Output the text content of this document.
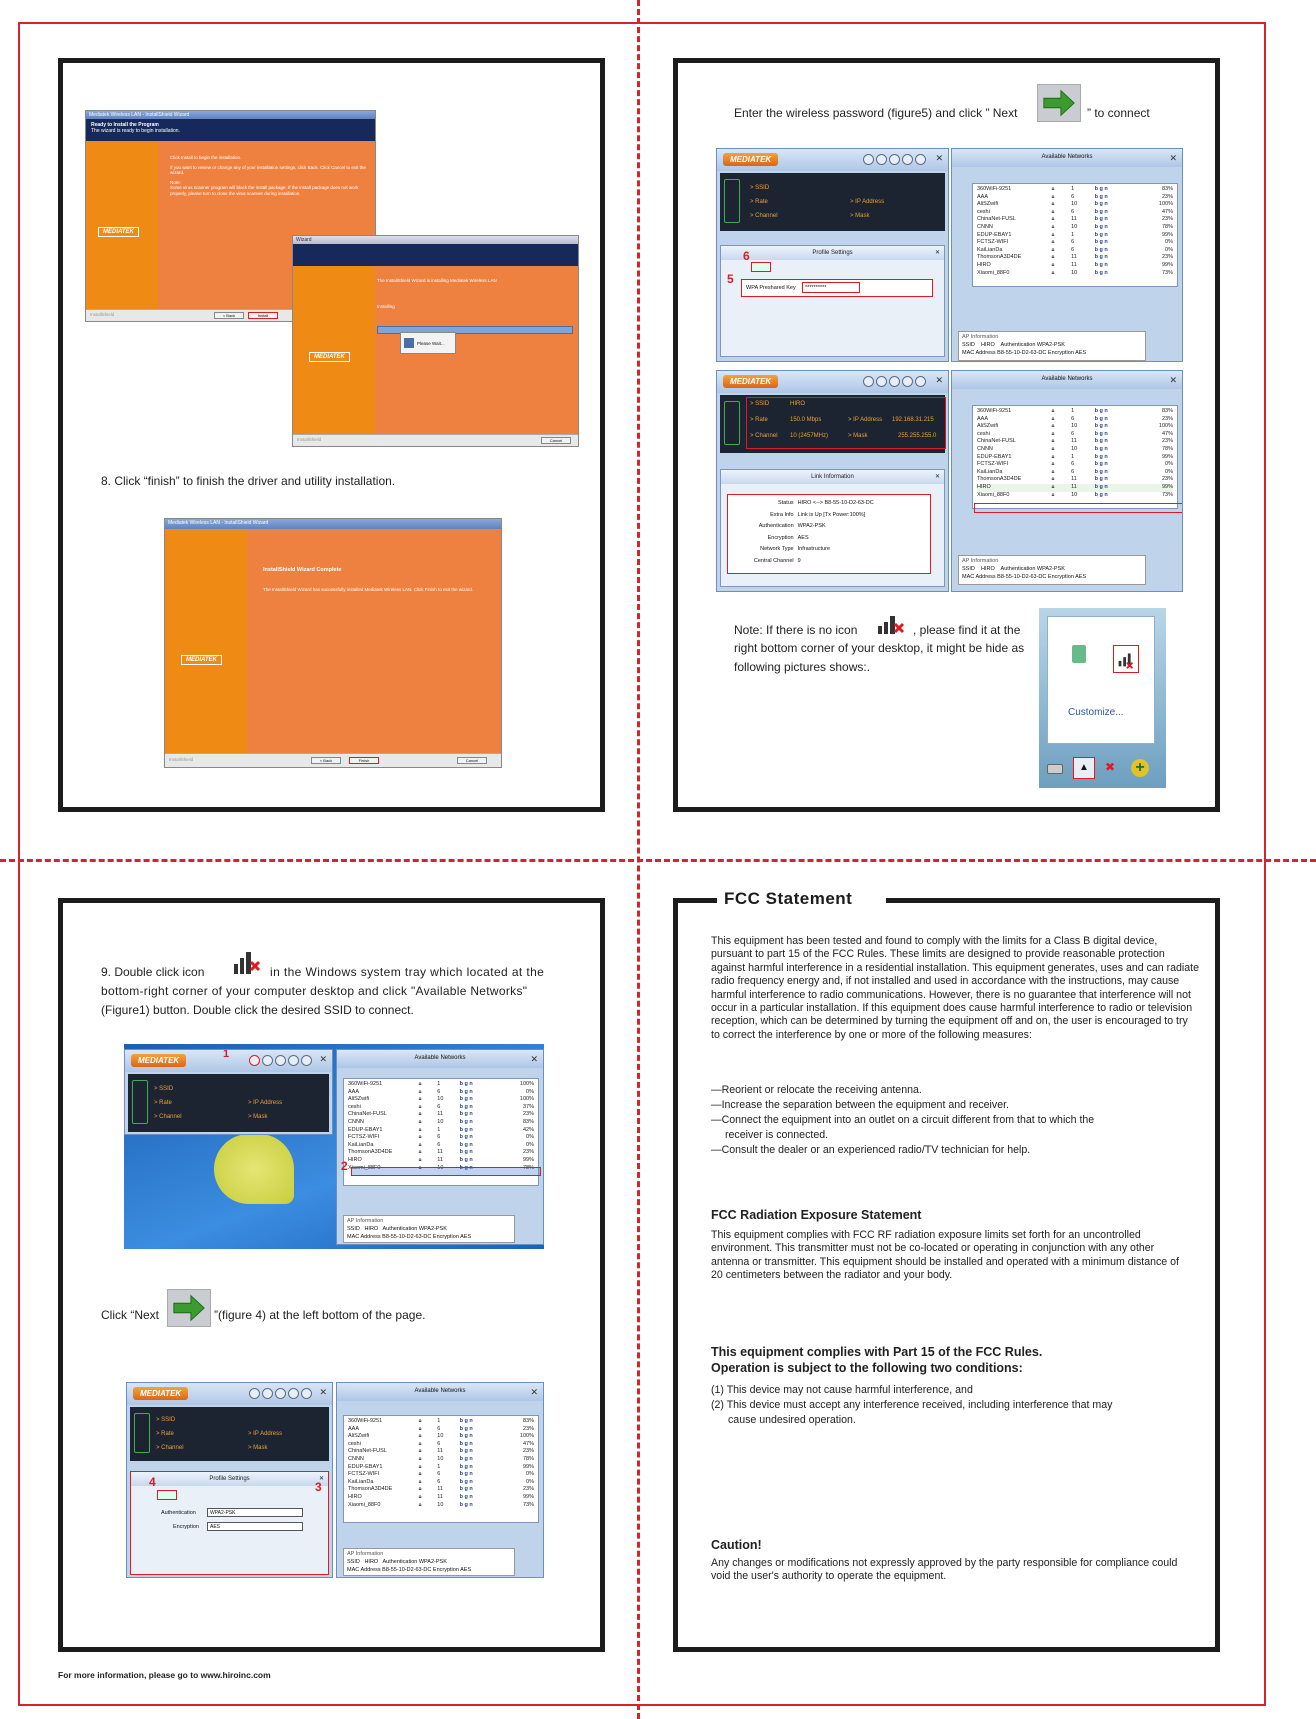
Mediatek Wireless LAN - InstallShield Wizard
Ready to Install the Program
The wizard is ready to begin installation.
MEDIATEK
Click Install to begin the installation.
If you want to review or change any of your installation settings, click Back. Click Cancel to exit the wizard.
Note:
Some virus scanner program will block the install package. If the install package does not work properly, please turn to close the virus scanner during installation.
InstallShield	< Back	Install
Wizard
The InstallShield Wizard is installing Mediatek Wireless LAN
Installing
Please Wait...
MEDIATEK
InstallShield	Cancel
8. Click “finish” to finish the driver and utility installation.
Mediatek Wireless LAN - InstallShield Wizard
InstallShield Wizard Complete
The InstallShield Wizard has successfully installed Mediatek Wireless LAN. Click Finish to exit the wizard.
MEDIATEK
InstallShield	< Back	Finish	Cancel
Enter the wireless password (figure5) and click ” Next	” to connect
MEDIATEK	✕
> SSID
> Rate
> Channel
> IP Address
> Mask
Profile Settings	✕
6
5
WPA Preshared Key	**********
Available Networks	✕
360WiFi-9251	🔒︎	1	b g n	83%
AAA	🔒︎	6	b g n	23%
AliSZwifi	🔒︎	10	b g n	100%
ceshi	🔒︎	6	b g n	47%
ChinaNet-FUSL	🔒︎	11	b g n	23%
CNNN	🔒︎	10	b g n	78%
EDUP-EBAY1	🔒︎	1	b g n	99%
FCTSZ-WIFI	🔒︎	6	b g n	0%
KaiLianDa	🔒︎	6	b g n	0%
ThomsonA3D4DE	🔒︎	11	b g n	23%
HIRO	🔒︎	11	b g n	99%
Xiaomi_88F0	🔒︎	10	b g n	73%
AP Information
SSID HIRO Authentication WPA2-PSK
MAC Address B8-55-10-D2-63-DC Encryption AES
MEDIATEK	✕
> SSID	HIRO
> Rate	150.0 Mbps
> Channel 10 (2457MHz)
> IP Address 192.168.31.215
> Mask	255.255.255.0
Link Information	✕
Status HIRO <--> B8-55-10-D2-63-DC
Extra Info Link is Up [Tx Power:100%]
Authentication WPA2-PSK
Encryption AES
Network Type Infrastructure
Central Channel 9
Available Networks	✕
360WiFi-9251	🔒︎	1	b g n	83%
AAA	🔒︎	6	b g n	23%
AliSZwifi	🔒︎	10	b g n	100%
ceshi	🔒︎	6	b g n	47%
ChinaNet-FUSL	🔒︎	11	b g n	23%
CNNN	🔒︎	10	b g n	78%
EDUP-EBAY1	🔒︎	1	b g n	99%
FCTSZ-WIFI	🔒︎	6	b g n	0%
KaiLianDa	🔒︎	6	b g n	0%
ThomsonA3D4DE	🔒︎	11	b g n	23%
HIRO	🔒︎	11	b g n	99%
Xiaomi_88F0	🔒︎	10	b g n	73%
AP Information
SSID HIRO Authentication WPA2-PSK
MAC Address B8-55-10-D2-63-DC Encryption AES
Note: If there is no icon	, please find it at the
right bottom corner of your desktop, it might be hide as
following pictures shows:.
Customize...
▲	✖	+
9. Double click icon	in the Windows system tray which located at the
bottom-right corner of your computer desktop and click "Available Networks"
(Figure1) button. Double click the desired SSID to connect.
MEDIATEK	✕
1
> SSID
> Rate
> Channel
> IP Address
> Mask
Available Networks	✕
360WiFi-9251	🔒︎	1	b g n	100%
AAA	🔒︎	6	b g n	0%
AliSZwifi	🔒︎	10	b g n	100%
ceshi	🔒︎	6	b g n	37%
ChinaNet-FUSL	🔒︎	11	b g n	23%
CNNN	🔒︎	10	b g n	83%
EDUP-EBAY1	🔒︎	1	b g n	42%
FCTSZ-WIFI	🔒︎	6	b g n	0%
KaiLianDa	🔒︎	6	b g n	0%
ThomsonA3D4DE	🔒︎	11	b g n	23%
HIRO	🔒︎	11	b g n	99%
Xiaomi_88F0	🔒︎	10	b g n	78%
2
AP Information
SSID HIRO Authentication WPA2-PSK
MAC Address B8-55-10-D2-63-DC Encryption AES
Click “Next	”(figure 4) at the left bottom of the page.
MEDIATEK	✕
> SSID
> Rate
> Channel
> IP Address
> Mask
Profile Settings	✕
4	3
Authentication	WPA2-PSK
Encryption	AES
Available Networks	✕
360WiFi-9251	🔒︎	1	b g n	83%
AAA	🔒︎	6	b g n	23%
AliSZwifi	🔒︎	10	b g n	100%
ceshi	🔒︎	6	b g n	47%
ChinaNet-FUSL	🔒︎	11	b g n	23%
CNNN	🔒︎	10	b g n	78%
EDUP-EBAY1	🔒︎	1	b g n	99%
FCTSZ-WIFI	🔒︎	6	b g n	0%
KaiLianDa	🔒︎	6	b g n	0%
ThomsonA3D4DE	🔒︎	11	b g n	23%
HIRO	🔒︎	11	b g n	99%
Xiaomi_88F0	🔒︎	10	b g n	73%
AP Information
SSID HIRO Authentication WPA2-PSK
MAC Address B8-55-10-D2-63-DC Encryption AES
For more information, please go to www.hiroinc.com
FCC Statement
This equipment has been tested and found to comply with the limits for a Class B digital device, pursuant to part 15 of the FCC Rules. These limits are designed to provide reasonable protection against harmful interference in a residential installation. This equipment generates, uses and can radiate radio frequency energy and, if not installed and used in accordance with the instructions, may cause harmful interference to radio communications. However, there is no guarantee that interference will not occur in a particular installation. If this equipment does cause harmful interference to radio or television reception, which can be determined by turning the equipment off and on, the user is encouraged to try to correct the interference by one or more of the following measures:
—Reorient or relocate the receiving antenna.
—Increase the separation between the equipment and receiver.
—Connect the equipment into an outlet on a circuit different from that to which the
receiver is connected.
—Consult the dealer or an experienced radio/TV technician for help.
FCC Radiation Exposure Statement
This equipment complies with FCC RF radiation exposure limits set forth for an uncontrolled environment. This transmitter must not be co-located or operating in conjunction with any other antenna or transmitter. This equipment should be installed and operated with a minimum distance of 20 centimeters between the radiator and your body.
This equipment complies with Part 15 of the FCC Rules.
Operation is subject to the following two conditions:
(1) This device may not cause harmful interference, and
(2) This device must accept any interference received, including interference that may
cause undesired operation.
Caution!
Any changes or modifications not expressly approved by the party responsible for compliance could void the user's authority to operate the equipment.
